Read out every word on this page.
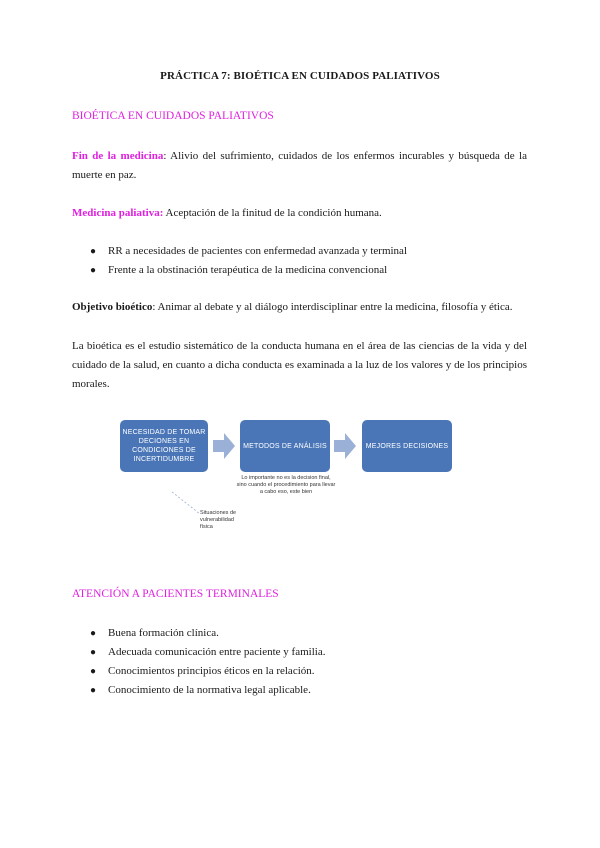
PRÁCTICA 7: BIOÉTICA EN CUIDADOS PALIATIVOS
BIOÉTICA EN CUIDADOS PALIATIVOS
Fin de la medicina: Alivio del sufrimiento, cuidados de los enfermos incurables y búsqueda de la muerte en paz.
Medicina paliativa: Aceptación de la finitud de la condición humana.
● RR a necesidades de pacientes con enfermedad avanzada y terminal
● Frente a la obstinación terapéutica de la medicina convencional
Objetivo bioético: Animar al debate y al diálogo interdisciplinar entre la medicina, filosofía y ética.
La bioética es el estudio sistemático de la conducta humana en el área de las ciencias de la vida y del cuidado de la salud, en cuanto a dicha conducta es examinada a la luz de los valores y de los principios morales.
NECESIDAD DE TOMAR DECIONES EN CONDICIONES DE INCERTIDUMBRE
METODOS DE ANÁLISIS	MEJORES DECISIONES
Lo importante no es la decision final, sino cuando el procedimiento para llevar a cabo eso, este bien
Situaciones de vulnerabilidad física
ATENCIÓN A PACIENTES TERMINALES
● Buena formación clínica.
● Adecuada comunicación entre paciente y familia.
● Conocimientos principios éticos en la relación.
● Conocimiento de la normativa legal aplicable.
